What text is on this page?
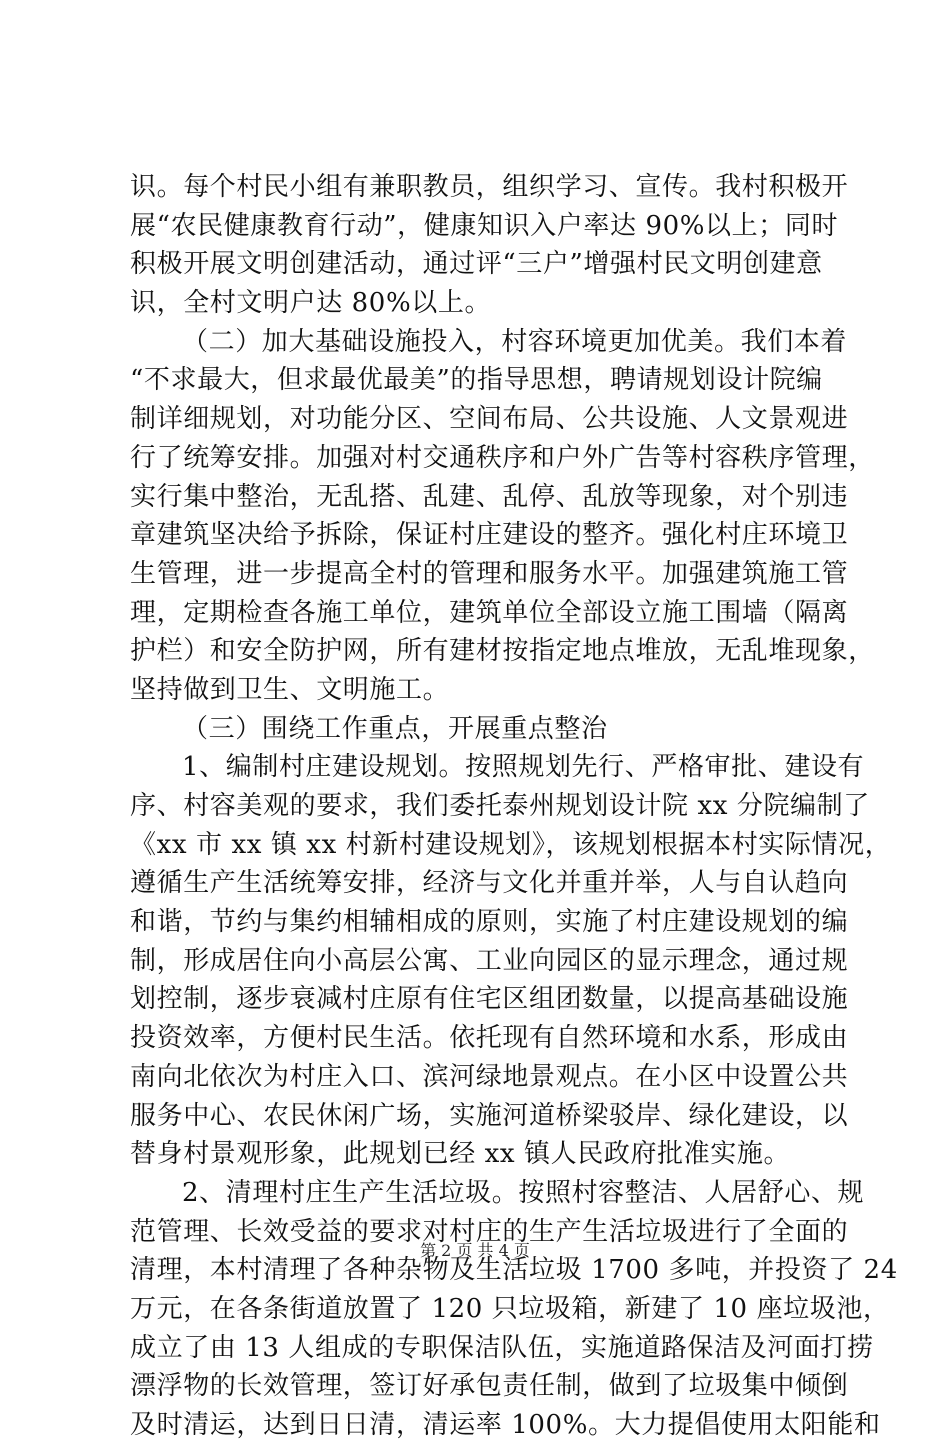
识。每个村民小组有兼职教员，组织学习、宣传。我村积极开
展“农民健康教育行动”，健康知识入户率达 90%以上；同时
积极开展文明创建活动，通过评“三户”增强村民文明创建意
识，全村文明户达 80%以上。
（二）加大基础设施投入，村容环境更加优美。我们本着
“不求最大，但求最优最美”的指导思想，聘请规划设计院编
制详细规划，对功能分区、空间布局、公共设施、人文景观进
行了统筹安排。加强对村交通秩序和户外广告等村容秩序管理，
实行集中整治，无乱搭、乱建、乱停、乱放等现象，对个别违
章建筑坚决给予拆除，保证村庄建设的整齐。强化村庄环境卫
生管理，进一步提高全村的管理和服务水平。加强建筑施工管
理，定期检查各施工单位，建筑单位全部设立施工围墙（隔离
护栏）和安全防护网，所有建材按指定地点堆放，无乱堆现象，
坚持做到卫生、文明施工。
（三）围绕工作重点，开展重点整治
1、编制村庄建设规划。按照规划先行、严格审批、建设有
序、村容美观的要求，我们委托泰州规划设计院 xx 分院编制了
《xx 市 xx 镇 xx 村新村建设规划》，该规划根据本村实际情况，
遵循生产生活统筹安排，经济与文化并重并举，人与自认趋向
和谐，节约与集约相辅相成的原则，实施了村庄建设规划的编
制，形成居住向小高层公寓、工业向园区的显示理念，通过规
划控制，逐步衰减村庄原有住宅区组团数量，以提高基础设施
投资效率，方便村民生活。依托现有自然环境和水系，形成由
南向北依次为村庄入口、滨河绿地景观点。在小区中设置公共
服务中心、农民休闲广场，实施河道桥梁驳岸、绿化建设，以
替身村景观形象，此规划已经 xx 镇人民政府批准实施。
2、清理村庄生产生活垃圾。按照村容整洁、人居舒心、规
范管理、长效受益的要求对村庄的生产生活垃圾进行了全面的
清理，本村清理了各种杂物及生活垃圾 1700 多吨，并投资了 24
万元，在各条街道放置了 120 只垃圾箱，新建了 10 座垃圾池，
成立了由 13 人组成的专职保洁队伍，实施道路保洁及河面打捞
漂浮物的长效管理，签订好承包责任制，做到了垃圾集中倾倒
及时清运，达到日日清，清运率 100%。大力提倡使用太阳能和
第 2 页 共 4 页
